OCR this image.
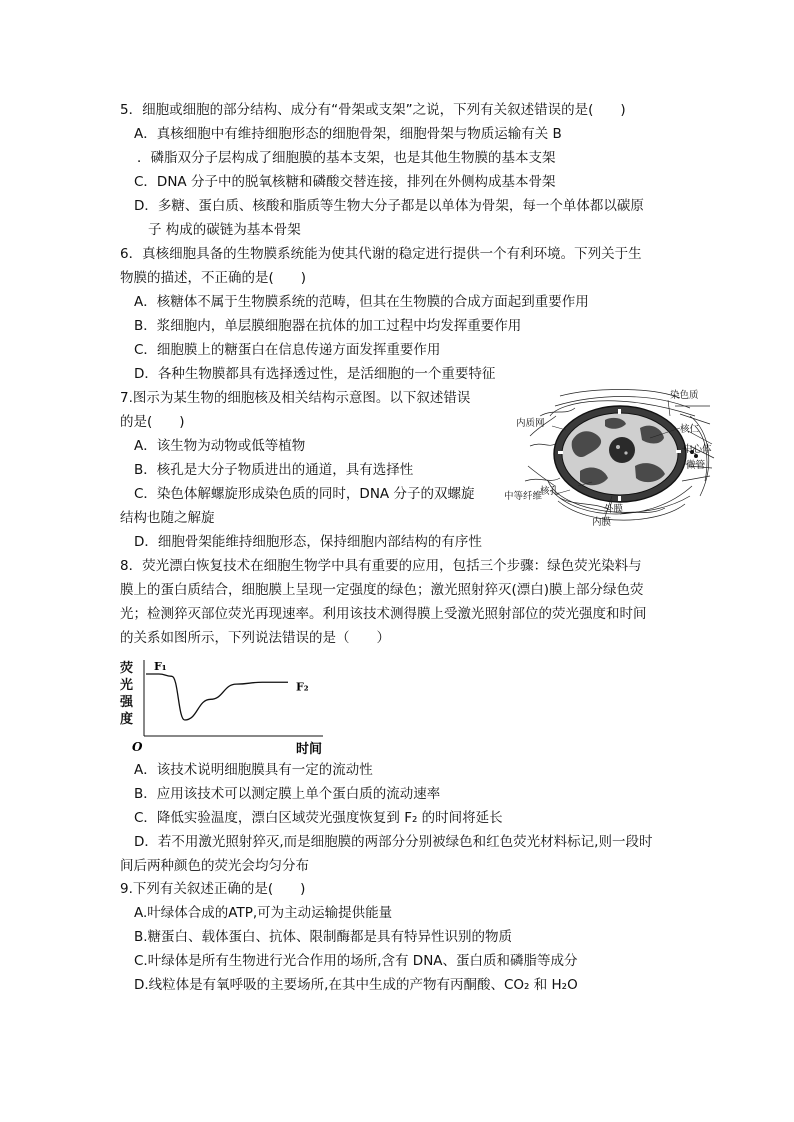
5．细胞或细胞的部分结构、成分有“骨架或支架”之说，下列有关叙述错误的是(　　)
A．真核细胞中有维持细胞形态的细胞骨架，细胞骨架与物质运输有关 B
．磷脂双分子层构成了细胞膜的基本支架，也是其他生物膜的基本支架
C．DNA 分子中的脱氧核糖和磷酸交替连接，排列在外侧构成基本骨架
D．多糖、蛋白质、核酸和脂质等生物大分子都是以单体为骨架，每一个单体都以碳原
子 构成的碳链为基本骨架
6．真核细胞具备的生物膜系统能为使其代谢的稳定进行提供一个有利环境。下列关于生
物膜的描述，不正确的是(　　)
A．核糖体不属于生物膜系统的范畴，但其在生物膜的合成方面起到重要作用
B．浆细胞内，单层膜细胞器在抗体的加工过程中均发挥重要作用
C．细胞膜上的糖蛋白在信息传递方面发挥重要作用
D．各种生物膜都具有选择透过性，是活细胞的一个重要特征
7.图示为某生物的细胞核及相关结构示意图。以下叙述错误
的是(　　)
A．该生物为动物或低等植物
B．核孔是大分子物质进出的通道，具有选择性
C．染色体解螺旋形成染色质的同时，DNA 分子的双螺旋
结构也随之解旋
D．细胞骨架能维持细胞形态，保持细胞内部结构的有序性
8．荧光漂白恢复技术在细胞生物学中具有重要的应用，包括三个步骤：绿色荧光染料与
膜上的蛋白质结合，细胞膜上呈现一定强度的绿色；激光照射猝灭(漂白)膜上部分绿色荧
光；检测猝灭部位荧光再现速率。利用该技术测得膜上受激光照射部位的荧光强度和时间
的关系如图所示，下列说法错误的是（　　）
A．该技术说明细胞膜具有一定的流动性
B．应用该技术可以测定膜上单个蛋白质的流动速率
C．降低实验温度，漂白区域荧光强度恢复到 F₂ 的时间将延长
D．若不用激光照射猝灭,而是细胞膜的两部分分别被绿色和红色荧光材料标记,则一段时
间后两种颜色的荧光会均匀分布
9.下列有关叙述正确的是(　　)
A.叶绿体合成的ATP,可为主动运输提供能量
B.糖蛋白、载体蛋白、抗体、限制酶都是具有特异性识别的物质
C.叶绿体是所有生物进行光合作用的场所,含有 DNA、蛋白质和磷脂等成分
D.线粒体是有氧呼吸的主要场所,在其中生成的产物有丙酮酸、CO₂ 和 H₂O
染色质
核仁
中心体
微管
内质网
中等纤维
核孔
外膜
内膜
荧
光
强
度
O	时间
F₁
F₂
